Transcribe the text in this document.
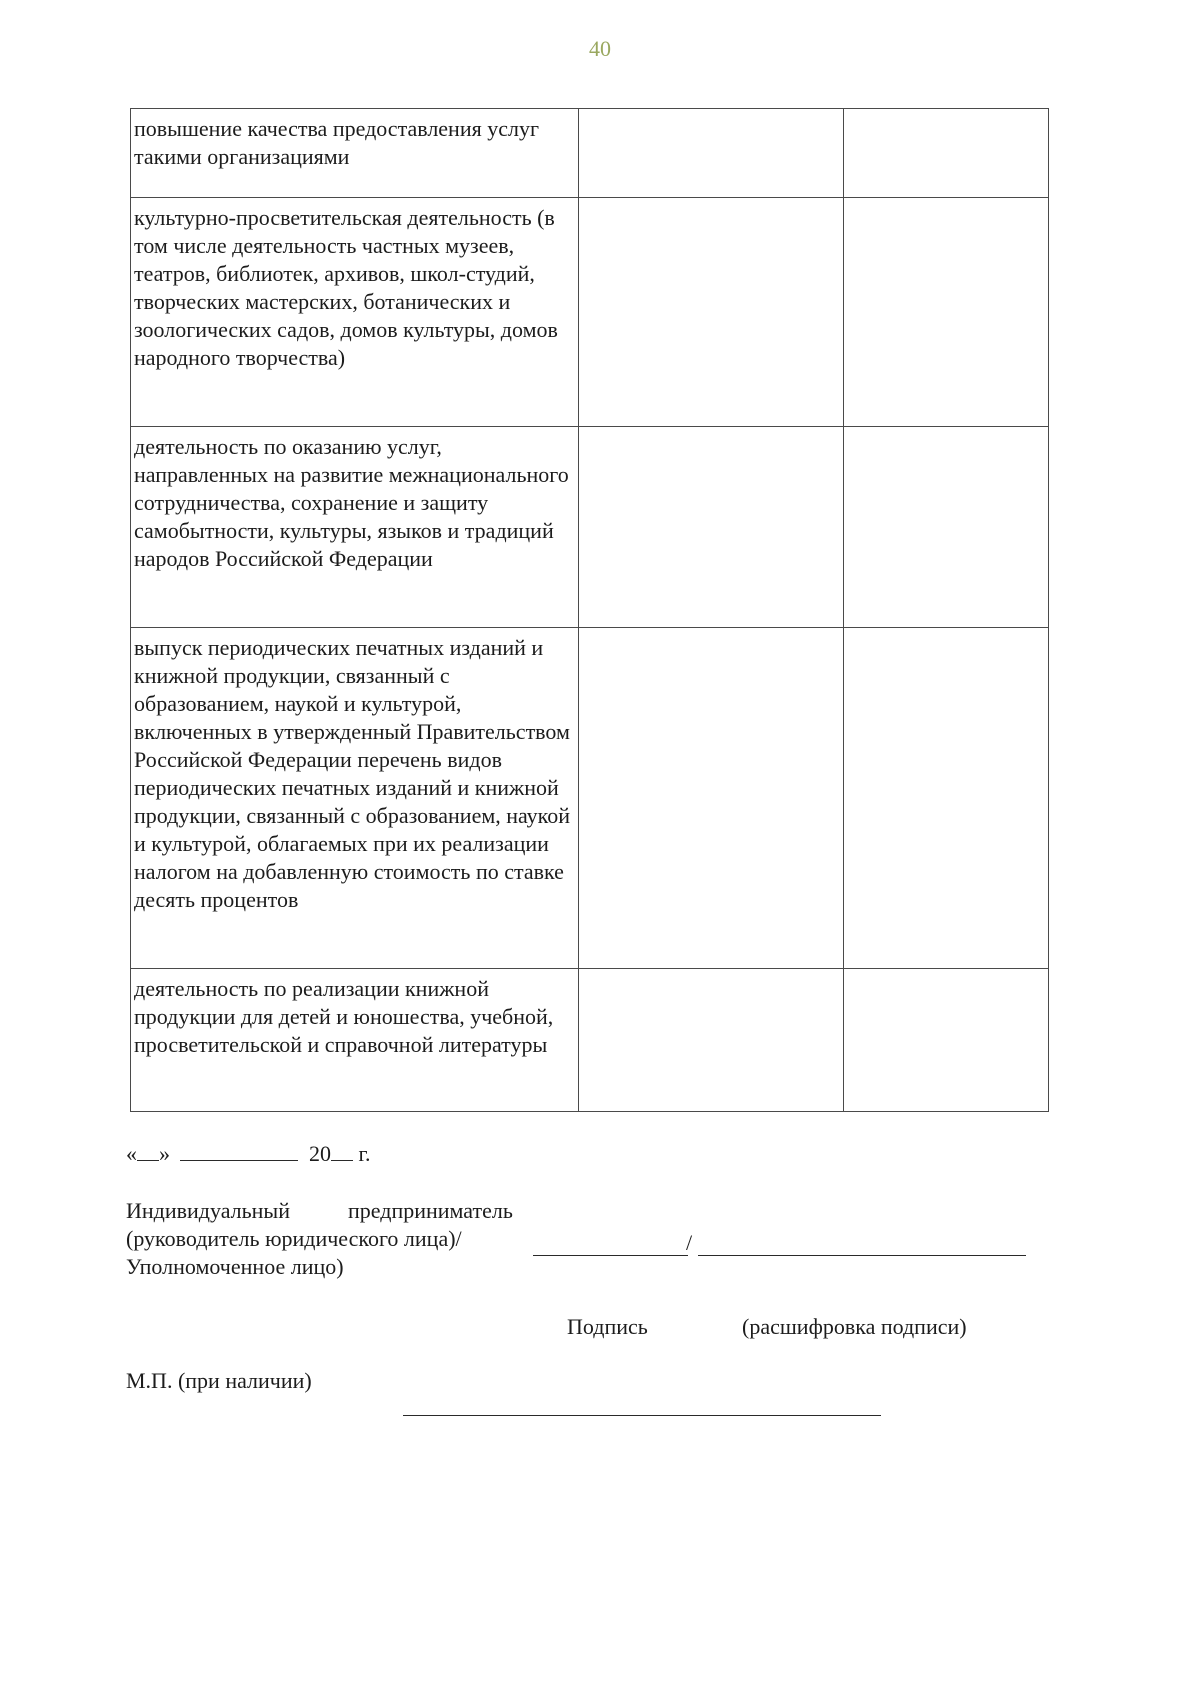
40
повышение качества предоставления услуг такими организациями		
культурно-просветительская деятельность (в том числе деятельность частных музеев, театров, библиотек, архивов, школ-студий, творческих мастерских, ботанических и зоологических садов, домов культуры, домов народного творчества)		
деятельность по оказанию услуг, направленных на развитие межнационального сотрудничества, сохранение и защиту самобытности, культуры, языков и традиций народов Российской Федерации		
выпуск периодических печатных изданий и книжной продукции, связанный с образованием, наукой и культурой, включенных в утвержденный Правительством Российской Федерации перечень видов периодических печатных изданий и книжной продукции, связанный с образованием, наукой и культурой, облагаемых при их реализации налогом на добавленную стоимость по ставке десять процентов		
деятельность по реализации книжной продукции для детей и юношества, учебной, просветительской и справочной литературы		
« »	20 г.
Индивидуальный	предприниматель
(руководитель юридического лица)/
Уполномоченное лицо)
/
Подпись	(расшифровка подписи)
М.П. (при наличии)
